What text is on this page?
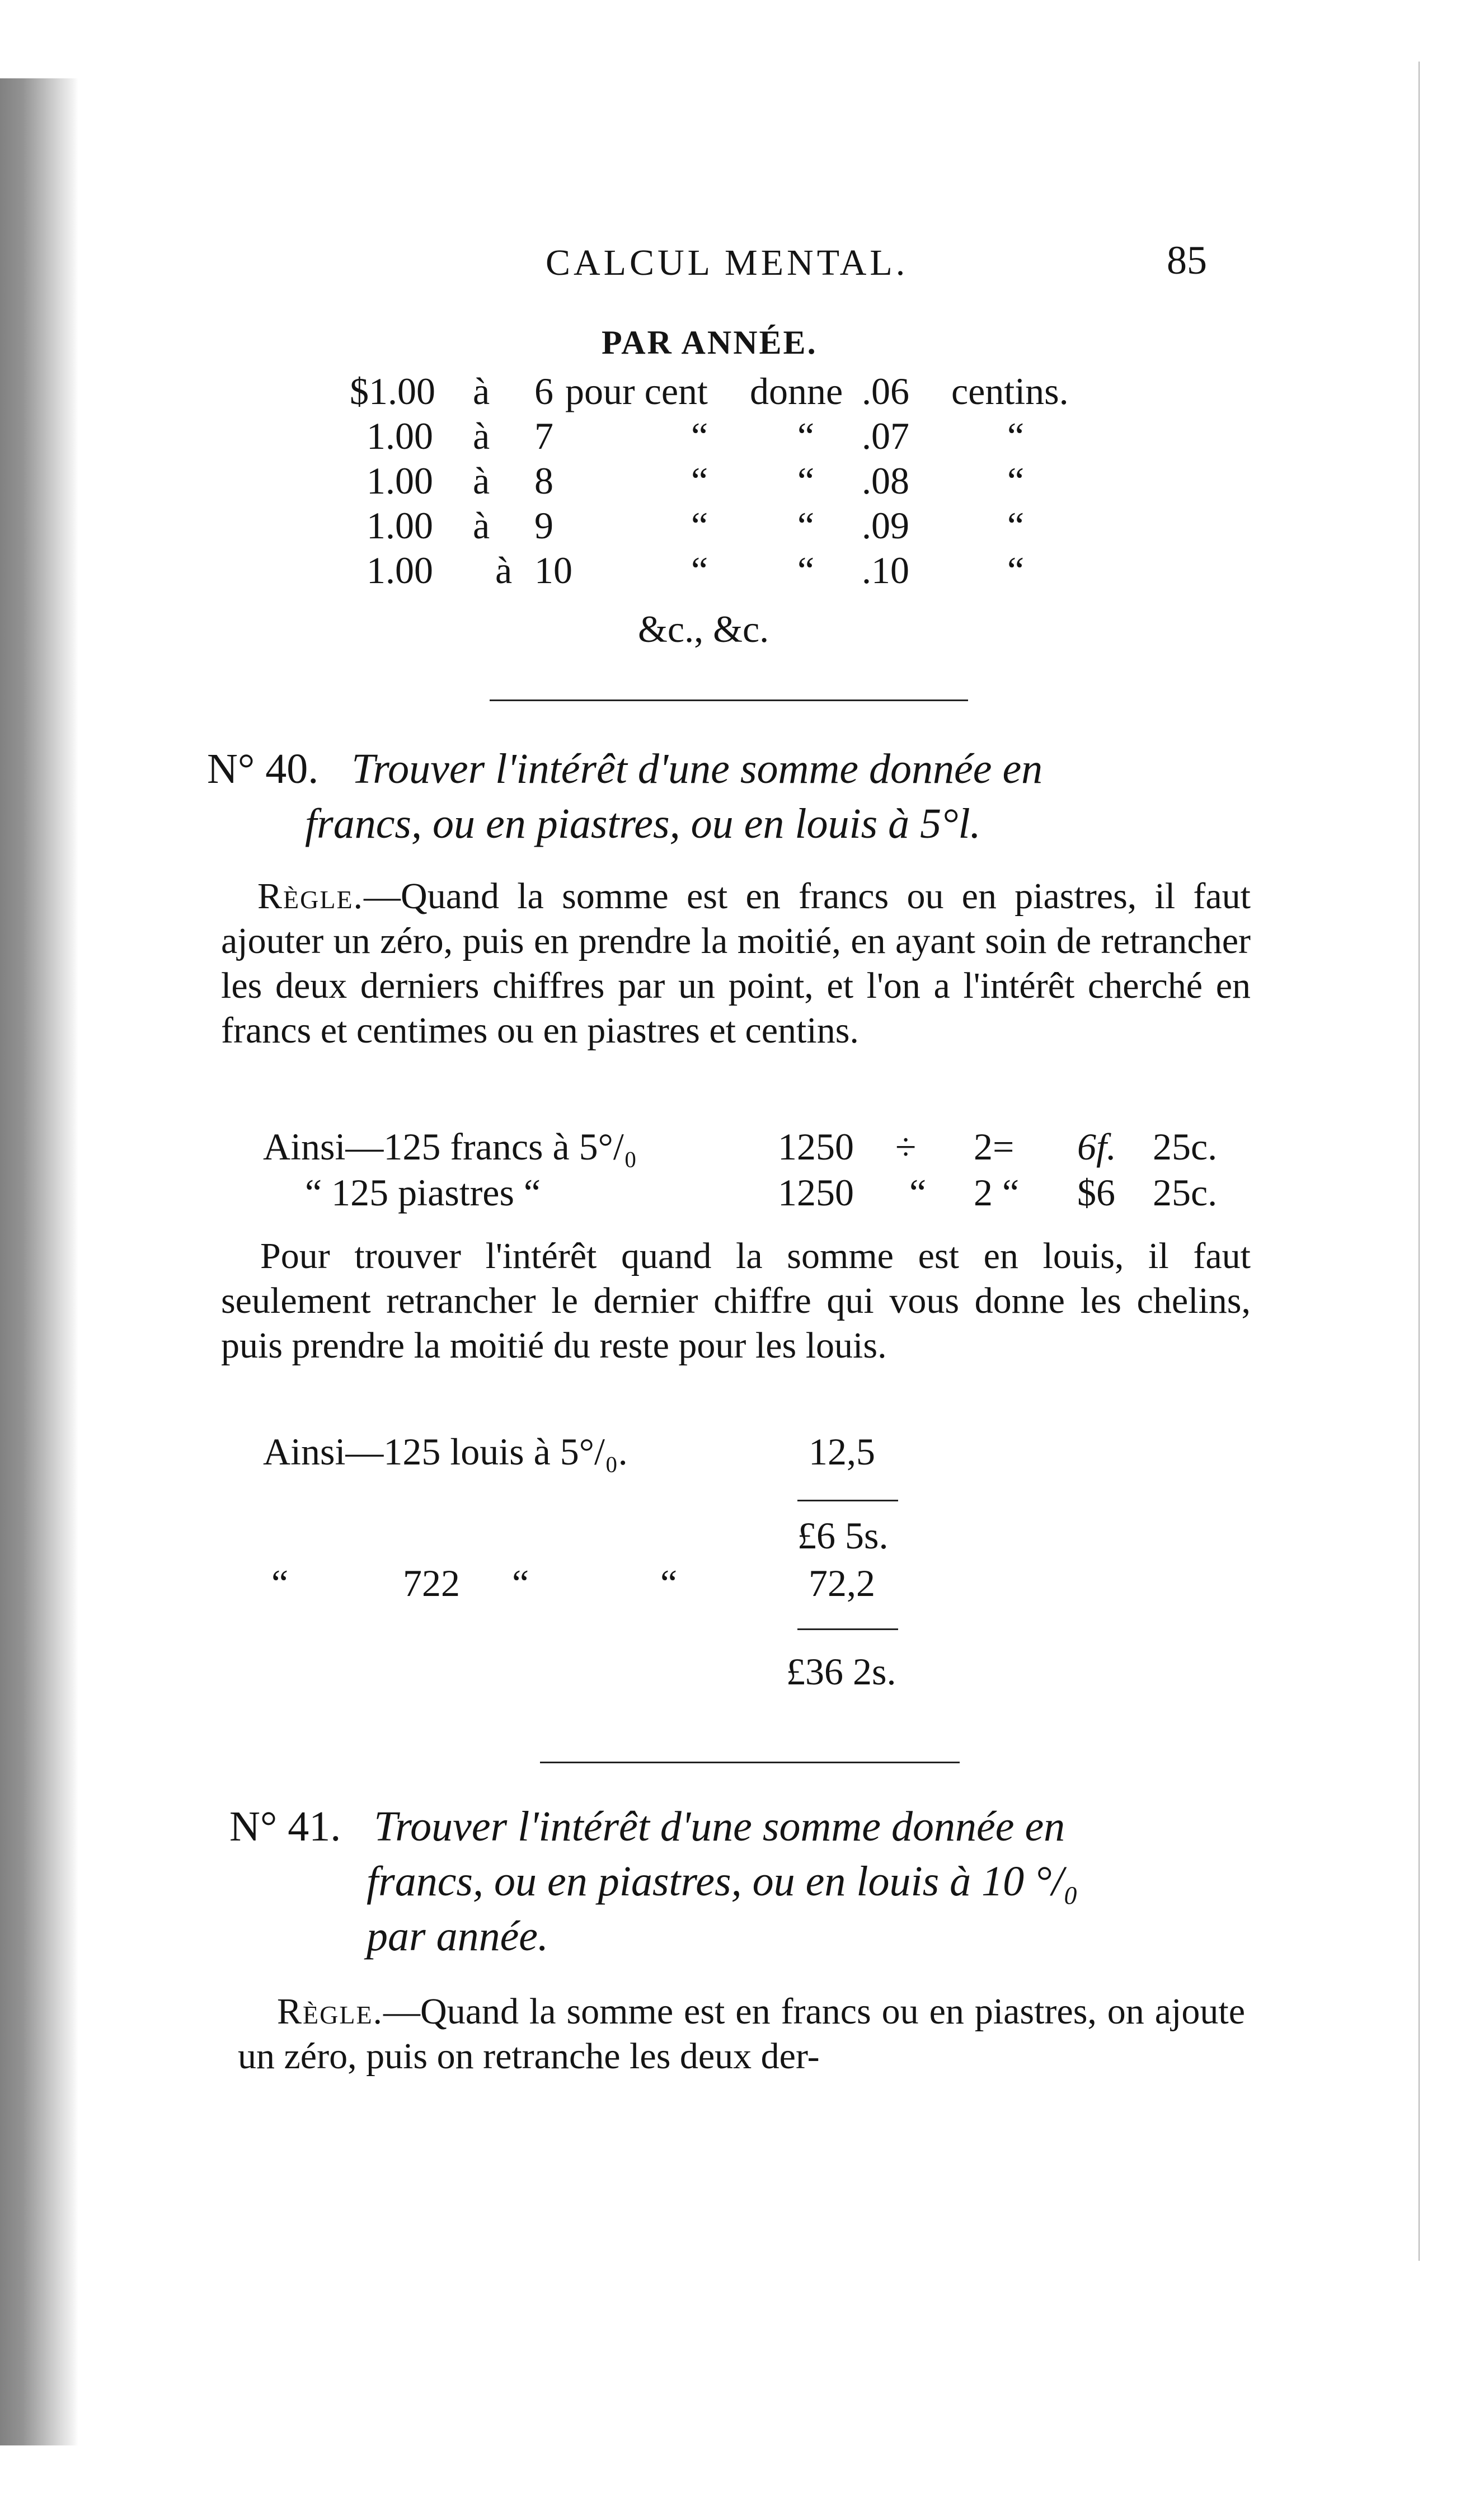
CALCUL MENTAL.	85
PAR ANNÉE.
$1.00 à 6 pour cent donne .06 centins.
1.00 à 7	“ “ .07	“
1.00 à 8	“ “ .08	“
1.00 à 9	“ “ .09	“
1.00 à 10	“ “ .10	“
&c., &c.
N° 40. Trouver l'intérêt d'une somme donnée en
francs, ou en piastres, ou en louis à 5°l.
Règle.—Quand la somme est en francs ou en piastres, il faut ajouter un zéro, puis en prendre la moitié, en ayant soin de retrancher les deux derniers chiffres par un point, et l'on a l'intérêt cherché en francs et centimes ou en piastres et centins.
Ainsi—125 francs à 5°/₀	1250 ÷ 2= 6f. 25c.
“ 125 piastres “	1250 “ 2 “ $6 25c.
Pour trouver l'intérêt quand la somme est en louis, il faut seulement retrancher le dernier chiffre qui vous donne les chelins, puis prendre la moitié du reste pour les louis.
Ainsi—125 louis à 5°/₀.	12,5
£6 5s.
“	722 “	“	72,2
£36 2s.
N° 41. Trouver l'intérêt d'une somme donnée en
francs, ou en piastres, ou en louis à 10 °/₀
par année.
Règle.—Quand la somme est en francs ou en piastres, on ajoute un zéro, puis on retranche les deux der-
